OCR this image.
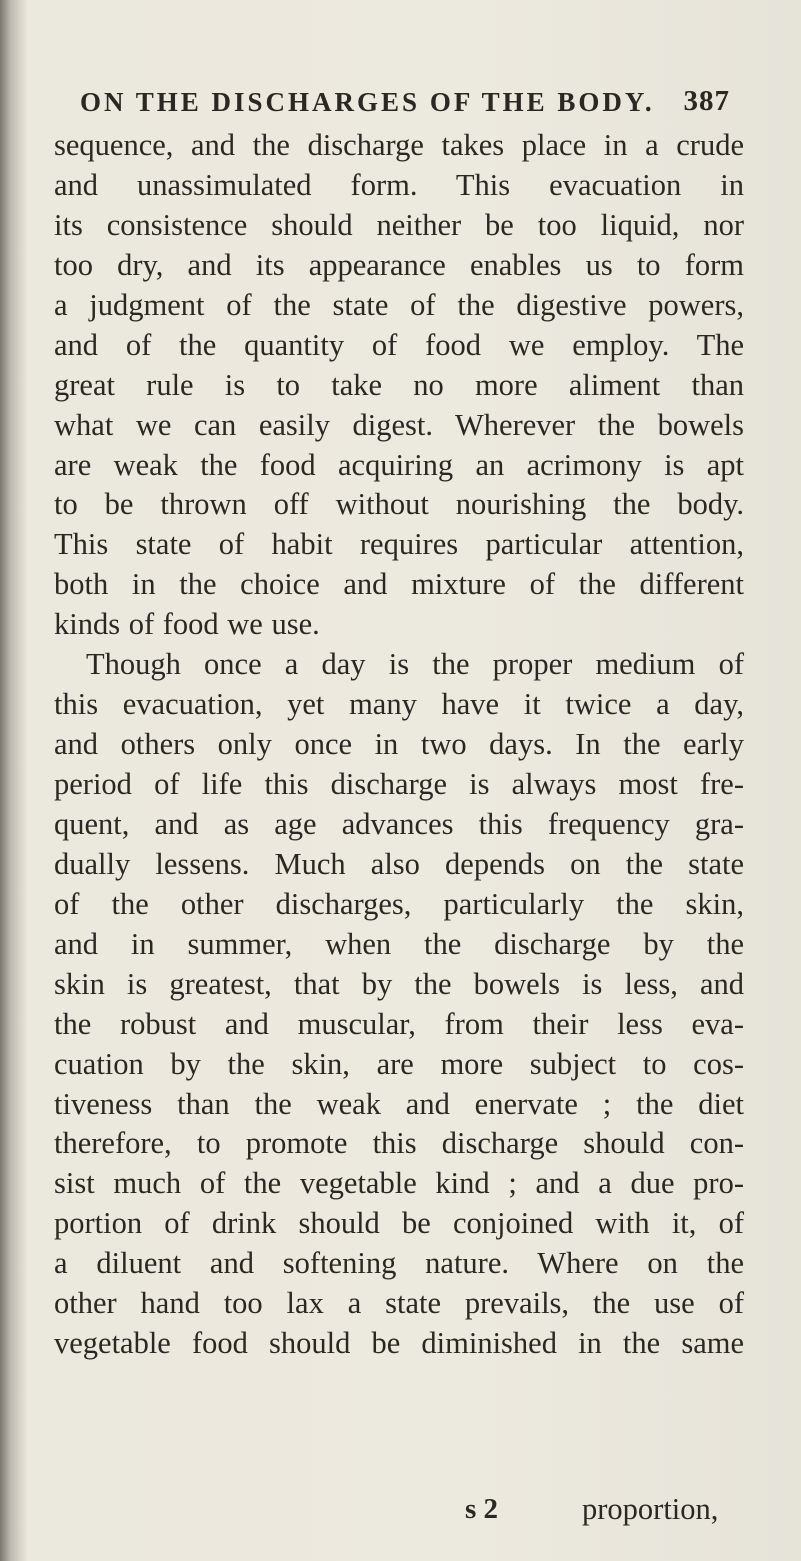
ON THE DISCHARGES OF THE BODY. 387
sequence, and the discharge takes place in a crude
and unassimulated form. This evacuation in
its consistence should neither be too liquid, nor
too dry, and its appearance enables us to form
a judgment of the state of the digestive powers,
and of the quantity of food we employ. The
great rule is to take no more aliment than
what we can easily digest. Wherever the bowels
are weak the food acquiring an acrimony is apt
to be thrown off without nourishing the body.
This state of habit requires particular attention,
both in the choice and mixture of the different
kinds of food we use.
Though once a day is the proper medium of
this evacuation, yet many have it twice a day,
and others only once in two days. In the early
period of life this discharge is always most fre-
quent, and as age advances this frequency gra-
dually lessens. Much also depends on the state
of the other discharges, particularly the skin,
and in summer, when the discharge by the
skin is greatest, that by the bowels is less, and
the robust and muscular, from their less eva-
cuation by the skin, are more subject to cos-
tiveness than the weak and enervate ; the diet
therefore, to promote this discharge should con-
sist much of the vegetable kind ; and a due pro-
portion of drink should be conjoined with it, of
a diluent and softening nature. Where on the
other hand too lax a state prevails, the use of
vegetable food should be diminished in the same
s 2	proportion,
